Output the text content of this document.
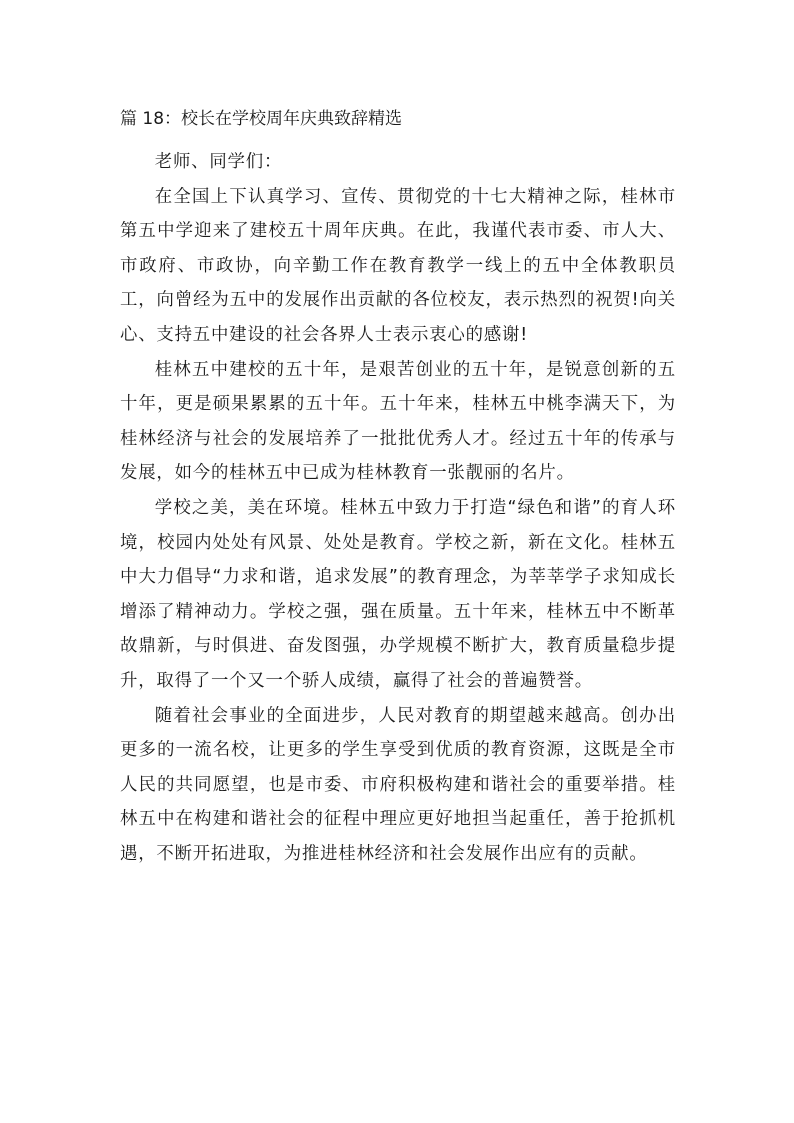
篇 18：校长在学校周年庆典致辞精选

老师、同学们：

在全国上下认真学习、宣传、贯彻党的十七大精神之际，桂林市第五中学迎来了建校五十周年庆典。在此，我谨代表市委、市人大、市政府、市政协，向辛勤工作在教育教学一线上的五中全体教职员工，向曾经为五中的发展作出贡献的各位校友，表示热烈的祝贺!向关心、支持五中建设的社会各界人士表示衷心的感谢!

桂林五中建校的五十年，是艰苦创业的五十年，是锐意创新的五十年，更是硕果累累的五十年。五十年来，桂林五中桃李满天下，为桂林经济与社会的发展培养了一批批优秀人才。经过五十年的传承与发展，如今的桂林五中已成为桂林教育一张靓丽的名片。

学校之美，美在环境。桂林五中致力于打造“绿色和谐”的育人环境，校园内处处有风景、处处是教育。学校之新，新在文化。桂林五中大力倡导“力求和谐，追求发展”的教育理念，为莘莘学子求知成长增添了精神动力。学校之强，强在质量。五十年来，桂林五中不断革故鼎新，与时俱进、奋发图强，办学规模不断扩大，教育质量稳步提升，取得了一个又一个骄人成绩，赢得了社会的普遍赞誉。

随着社会事业的全面进步，人民对教育的期望越来越高。创办出更多的一流名校，让更多的学生享受到优质的教育资源，这既是全市人民的共同愿望，也是市委、市府积极构建和谐社会的重要举措。桂林五中在构建和谐社会的征程中理应更好地担当起重任，善于抢抓机遇，不断开拓进取，为推进桂林经济和社会发展作出应有的贡献。
